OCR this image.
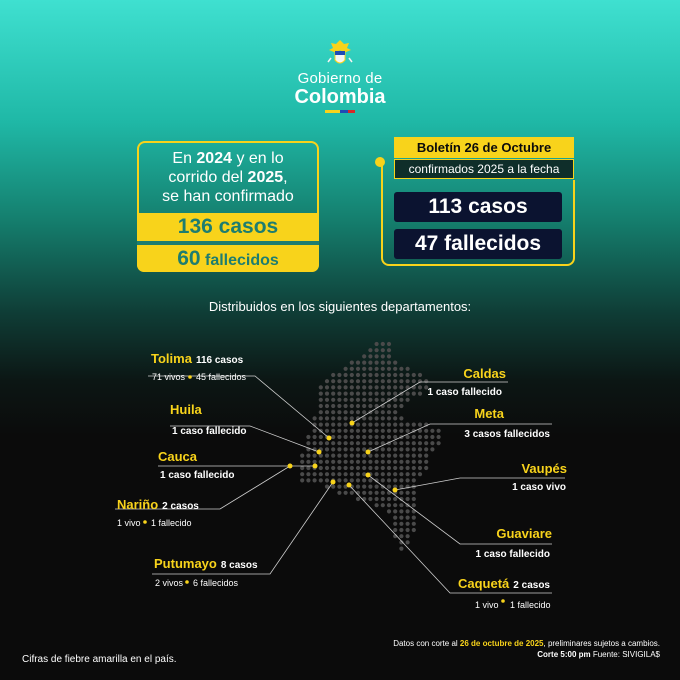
Gobierno de
Colombia
En 2024 y en lo
corrido del 2025,
se han confirmado
136 casos
60 fallecidos
Boletín 26 de Octubre
confirmados 2025 a la fecha
113 casos
47 fallecidos
Distribuidos en los siguientes departamentos:
Tolima 116 casos
71 vivos 45 fallecidos
Huila
1 caso fallecido
Cauca
1 caso fallecido
Nariño 2 casos
1 vivo 1 fallecido
Putumayo 8 casos
2 vivos 6 fallecidos
Caldas
1 caso fallecido
Meta
3 casos fallecidos
Vaupés
1 caso vivo
Guaviare
1 caso fallecido
Caquetá 2 casos
1 vivo 1 fallecido
Datos con corte al 26 de octubre de 2025, preliminares sujetos a cambios.
Corte 5:00 pm Fuente: SIVIGILA$
Cifras de fiebre amarilla en el país.
